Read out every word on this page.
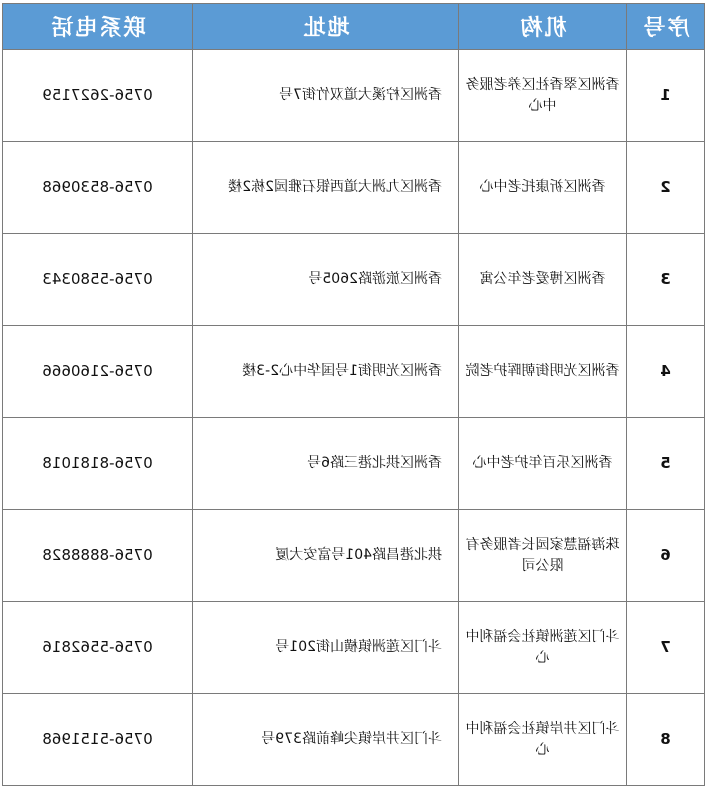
序号	机构	地址	联系电话
1	香洲区翠香社区养老服务中心	香洲区柠溪大道双竹街7号	0756-2627159
2	香洲区祈康托老中心	香洲区九洲大道西银石雅园2栋2楼	0756-8530968
3	香洲区博爱老年公寓	香洲区旅游路2605号	0756-5580343
4	香洲区光明街朝晖护老院	香洲区光明街1号国华中心2-3楼	0756-2160666
5	香洲区乐百年护老中心	香洲区拱北港三路6号	0756-8181018
6	珠海福慧家园长者服务有限公司	拱北港昌路401号富安大厦	0756-8888828
7	斗门区莲洲镇社会福利中心	斗门区莲洲镇横山街201号	0756-5562816
8	斗门区井岸镇社会福利中心	斗门区井岸镇尖峰前路379号	0756-5151968
